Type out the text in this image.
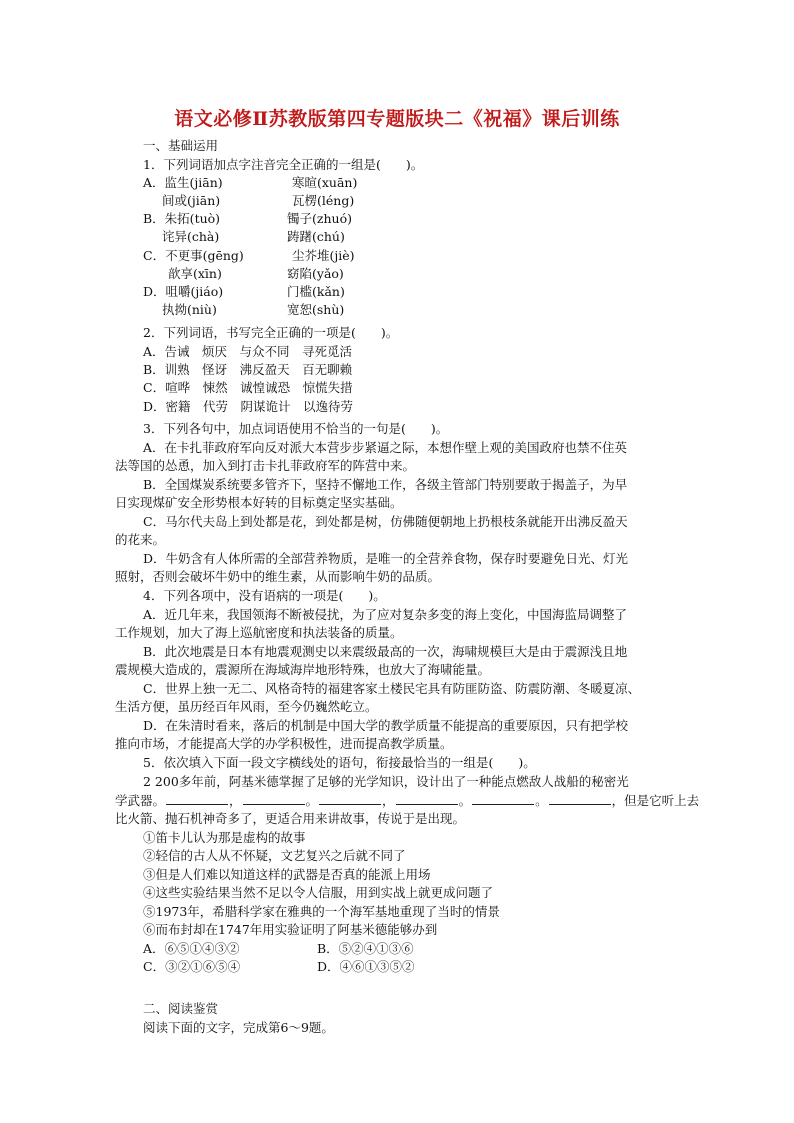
语文必修Ⅱ苏教版第四专题版块二《祝福》课后训练
一、基础运用
1．下列词语加点字注音完全正确的一组是(　　)。
A．监生(jiān)	寒暄(xuān)
间或(jiān)	瓦楞(léng)
B．朱拓(tuò)	镯子(zhuó)
诧异(chà)	踌躇(chú)
C．不更事(gēng)	尘芥堆(jiè)
歆享(xīn)	窈陷(yǎo)
D．咀嚼(jiáo)	门槛(kǎn)
执拗(niù)	宽恕(shù)
2．下列词语，书写完全正确的一项是(　　)。
A．告诫　烦厌　与众不同　寻死觅活
B．训熟　怪讶　沸反盈天　百无聊赖
C．喧哗　悚然　诚惶诚恐　惊慌失措
D．密籍　代劳　阴谋诡计　以逸待劳
3．下列各句中，加点词语使用不恰当的一句是(　　)。
A．在卡扎菲政府军向反对派大本营步步紧逼之际，本想作壁上观的美国政府也禁不住英
法等国的怂恿，加入到打击卡扎菲政府军的阵营中来。
B．全国煤炭系统要多管齐下，坚持不懈地工作，各级主管部门特别要敢于揭盖子，为早
日实现煤矿安全形势根本好转的目标奠定坚实基础。
C．马尔代夫岛上到处都是花，到处都是树，仿佛随便朝地上扔根枝条就能开出沸反盈天
的花来。
D．牛奶含有人体所需的全部营养物质，是唯一的全营养食物，保存时要避免日光、灯光
照射，否则会破坏牛奶中的维生素，从而影响牛奶的品质。
4．下列各项中，没有语病的一项是(　　)。
A．近几年来，我国领海不断被侵扰，为了应对复杂多变的海上变化，中国海监局调整了
工作规划，加大了海上巡航密度和执法装备的质量。
B．此次地震是日本有地震观测史以来震级最高的一次，海啸规模巨大是由于震源浅且地
震规模大造成的，震源所在海域海岸地形特殊，也放大了海啸能量。
C．世界上独一无二、风格奇特的福建客家土楼民宅具有防匪防盗、防震防潮、冬暖夏凉、
生活方便，虽历经百年风雨，至今仍巍然屹立。
D．在朱清时看来，落后的机制是中国大学的教学质量不能提高的重要原因，只有把学校
推向市场，才能提高大学的办学积极性，进而提高教学质量。
5．依次填入下面一段文字横线处的语句，衔接最恰当的一组是(　　)。
2 200多年前，阿基米德掌握了足够的光学知识，设计出了一种能点燃敌人战船的秘密光
学武器。	，	。	，	。	。	，但是它听上去
比火箭、抛石机神奇多了，更适合用来讲故事，传说于是出现。
①笛卡儿认为那是虚构的故事
②轻信的古人从不怀疑，文艺复兴之后就不同了
③但是人们难以知道这样的武器是否真的能派上用场
④这些实验结果当然不足以令人信服，用到实战上就更成问题了
⑤1973年，希腊科学家在雅典的一个海军基地重现了当时的情景
⑥而布封却在1747年用实验证明了阿基米德能够办到
A．⑥⑤①④③②	B．⑤②④①③⑥
C．③②①⑥⑤④	D．④⑥①③⑤②
二、阅读鉴赏
阅读下面的文字，完成第6～9题。
